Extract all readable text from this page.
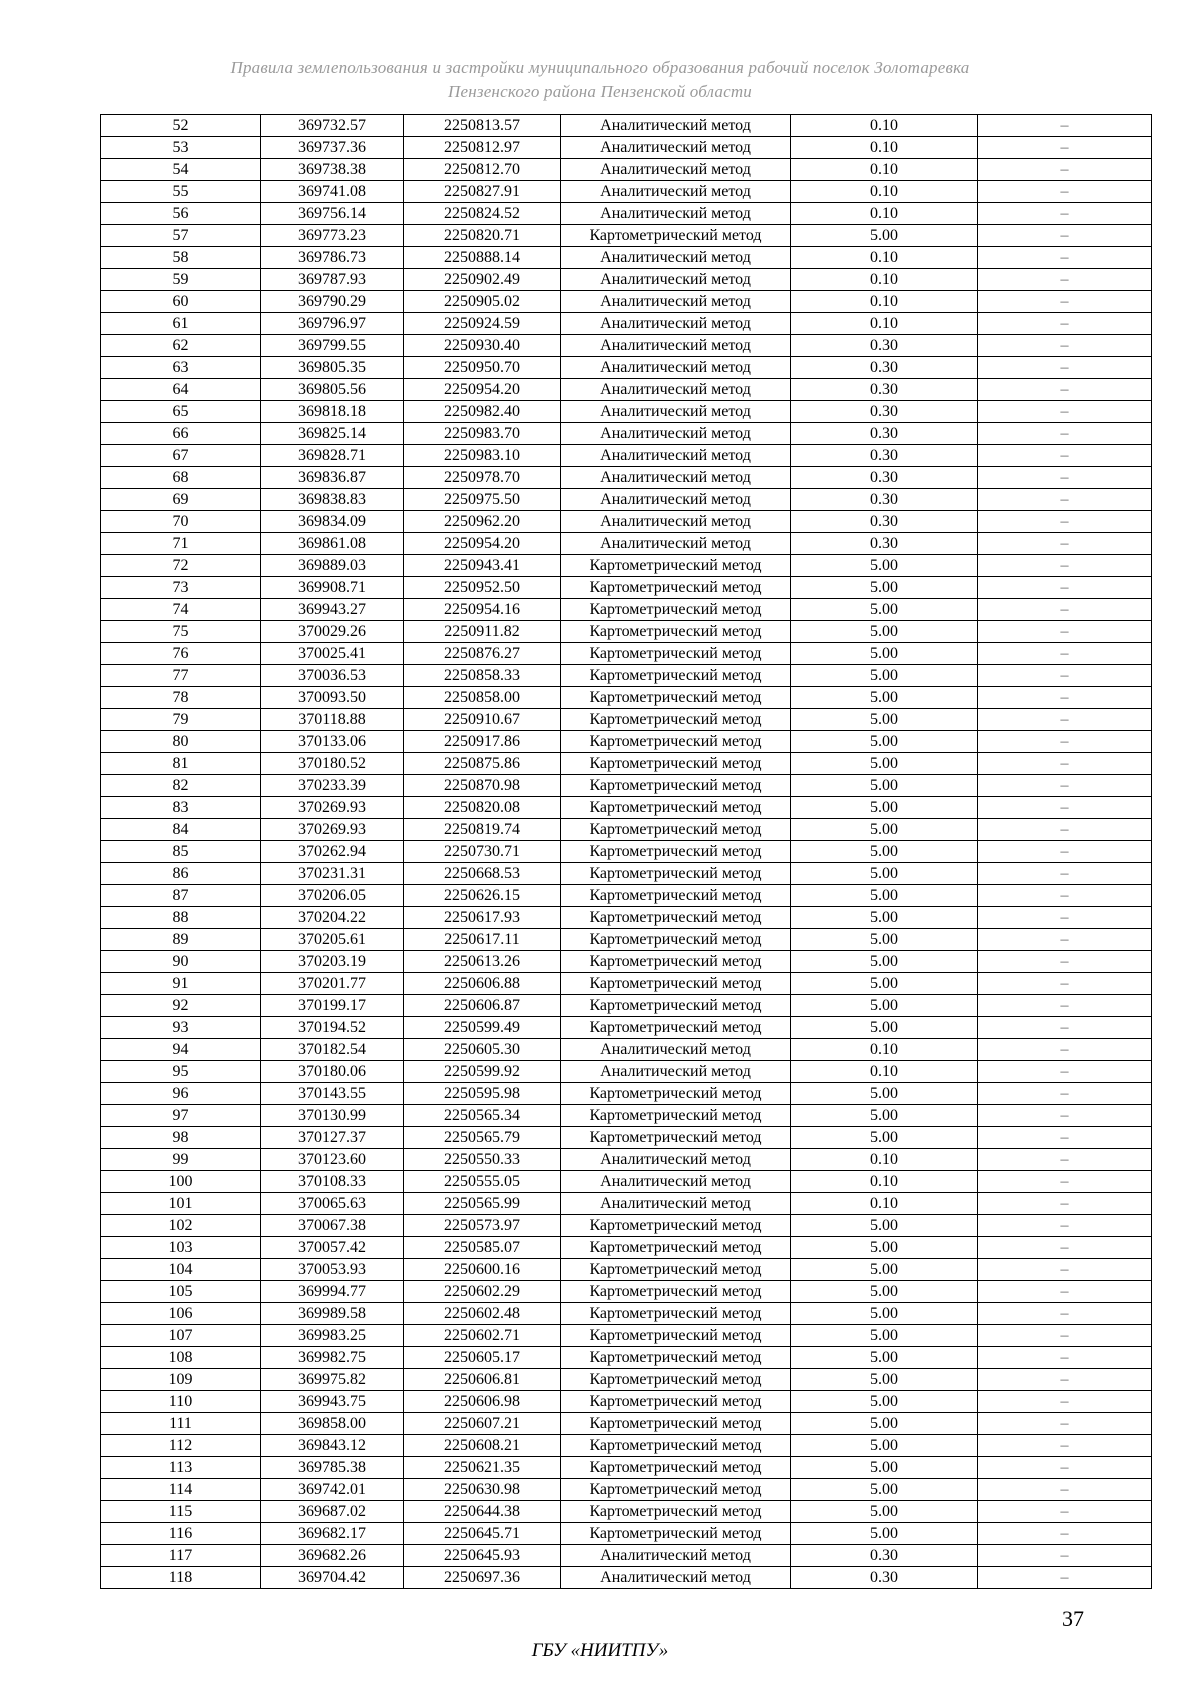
Правила землепользования и застройки муниципального образования рабочий поселок Золотаревка
Пензенского района Пензенской области
52	369732.57	2250813.57	Аналитический метод	0.10	–
53	369737.36	2250812.97	Аналитический метод	0.10	–
54	369738.38	2250812.70	Аналитический метод	0.10	–
55	369741.08	2250827.91	Аналитический метод	0.10	–
56	369756.14	2250824.52	Аналитический метод	0.10	–
57	369773.23	2250820.71	Картометрический метод	5.00	–
58	369786.73	2250888.14	Аналитический метод	0.10	–
59	369787.93	2250902.49	Аналитический метод	0.10	–
60	369790.29	2250905.02	Аналитический метод	0.10	–
61	369796.97	2250924.59	Аналитический метод	0.10	–
62	369799.55	2250930.40	Аналитический метод	0.30	–
63	369805.35	2250950.70	Аналитический метод	0.30	–
64	369805.56	2250954.20	Аналитический метод	0.30	–
65	369818.18	2250982.40	Аналитический метод	0.30	–
66	369825.14	2250983.70	Аналитический метод	0.30	–
67	369828.71	2250983.10	Аналитический метод	0.30	–
68	369836.87	2250978.70	Аналитический метод	0.30	–
69	369838.83	2250975.50	Аналитический метод	0.30	–
70	369834.09	2250962.20	Аналитический метод	0.30	–
71	369861.08	2250954.20	Аналитический метод	0.30	–
72	369889.03	2250943.41	Картометрический метод	5.00	–
73	369908.71	2250952.50	Картометрический метод	5.00	–
74	369943.27	2250954.16	Картометрический метод	5.00	–
75	370029.26	2250911.82	Картометрический метод	5.00	–
76	370025.41	2250876.27	Картометрический метод	5.00	–
77	370036.53	2250858.33	Картометрический метод	5.00	–
78	370093.50	2250858.00	Картометрический метод	5.00	–
79	370118.88	2250910.67	Картометрический метод	5.00	–
80	370133.06	2250917.86	Картометрический метод	5.00	–
81	370180.52	2250875.86	Картометрический метод	5.00	–
82	370233.39	2250870.98	Картометрический метод	5.00	–
83	370269.93	2250820.08	Картометрический метод	5.00	–
84	370269.93	2250819.74	Картометрический метод	5.00	–
85	370262.94	2250730.71	Картометрический метод	5.00	–
86	370231.31	2250668.53	Картометрический метод	5.00	–
87	370206.05	2250626.15	Картометрический метод	5.00	–
88	370204.22	2250617.93	Картометрический метод	5.00	–
89	370205.61	2250617.11	Картометрический метод	5.00	–
90	370203.19	2250613.26	Картометрический метод	5.00	–
91	370201.77	2250606.88	Картометрический метод	5.00	–
92	370199.17	2250606.87	Картометрический метод	5.00	–
93	370194.52	2250599.49	Картометрический метод	5.00	–
94	370182.54	2250605.30	Аналитический метод	0.10	–
95	370180.06	2250599.92	Аналитический метод	0.10	–
96	370143.55	2250595.98	Картометрический метод	5.00	–
97	370130.99	2250565.34	Картометрический метод	5.00	–
98	370127.37	2250565.79	Картометрический метод	5.00	–
99	370123.60	2250550.33	Аналитический метод	0.10	–
100	370108.33	2250555.05	Аналитический метод	0.10	–
101	370065.63	2250565.99	Аналитический метод	0.10	–
102	370067.38	2250573.97	Картометрический метод	5.00	–
103	370057.42	2250585.07	Картометрический метод	5.00	–
104	370053.93	2250600.16	Картометрический метод	5.00	–
105	369994.77	2250602.29	Картометрический метод	5.00	–
106	369989.58	2250602.48	Картометрический метод	5.00	–
107	369983.25	2250602.71	Картометрический метод	5.00	–
108	369982.75	2250605.17	Картометрический метод	5.00	–
109	369975.82	2250606.81	Картометрический метод	5.00	–
110	369943.75	2250606.98	Картометрический метод	5.00	–
111	369858.00	2250607.21	Картометрический метод	5.00	–
112	369843.12	2250608.21	Картометрический метод	5.00	–
113	369785.38	2250621.35	Картометрический метод	5.00	–
114	369742.01	2250630.98	Картометрический метод	5.00	–
115	369687.02	2250644.38	Картометрический метод	5.00	–
116	369682.17	2250645.71	Картометрический метод	5.00	–
117	369682.26	2250645.93	Аналитический метод	0.30	–
118	369704.42	2250697.36	Аналитический метод	0.30	–
37
ГБУ «НИИТПУ»
